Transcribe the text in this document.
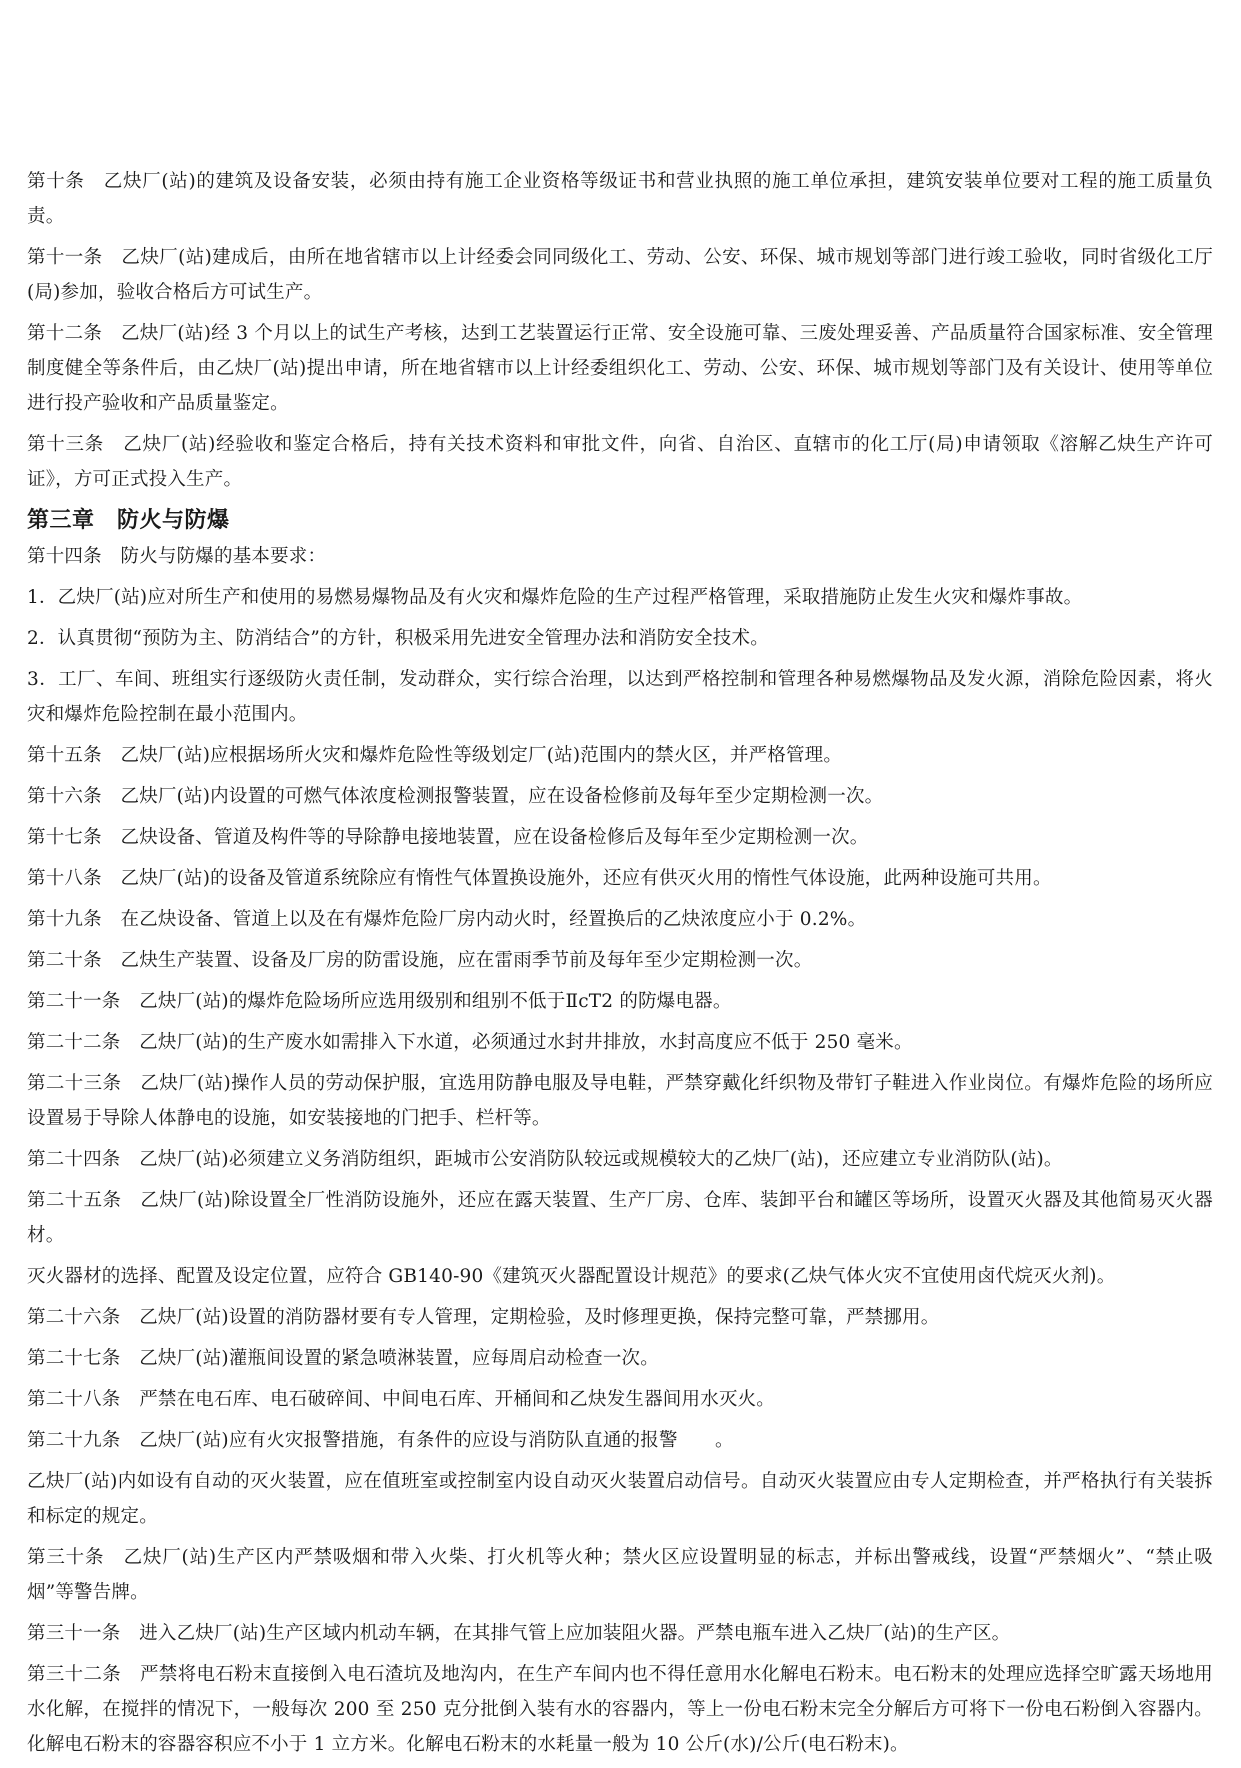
第十条　乙炔厂(站)的建筑及设备安装，必须由持有施工企业资格等级证书和营业执照的施工单位承担，建筑安装单位要对工程的施工质量负责。

第十一条　乙炔厂(站)建成后，由所在地省辖市以上计经委会同同级化工、劳动、公安、环保、城市规划等部门进行竣工验收，同时省级化工厅(局)参加，验收合格后方可试生产。

第十二条　乙炔厂(站)经 3 个月以上的试生产考核，达到工艺装置运行正常、安全设施可靠、三废处理妥善、产品质量符合国家标准、安全管理制度健全等条件后，由乙炔厂(站)提出申请，所在地省辖市以上计经委组织化工、劳动、公安、环保、城市规划等部门及有关设计、使用等单位进行投产验收和产品质量鉴定。

第十三条　乙炔厂(站)经验收和鉴定合格后，持有关技术资料和审批文件，向省、自治区、直辖市的化工厅(局)申请领取《溶解乙炔生产许可证》，方可正式投入生产。

第三章　防火与防爆

第十四条　防火与防爆的基本要求：

1．乙炔厂(站)应对所生产和使用的易燃易爆物品及有火灾和爆炸危险的生产过程严格管理，采取措施防止发生火灾和爆炸事故。

2．认真贯彻“预防为主、防消结合”的方针，积极采用先进安全管理办法和消防安全技术。

3．工厂、车间、班组实行逐级防火责任制，发动群众，实行综合治理，以达到严格控制和管理各种易燃爆物品及发火源，消除危险因素，将火灾和爆炸危险控制在最小范围内。

第十五条　乙炔厂(站)应根据场所火灾和爆炸危险性等级划定厂(站)范围内的禁火区，并严格管理。

第十六条　乙炔厂(站)内设置的可燃气体浓度检测报警装置，应在设备检修前及每年至少定期检测一次。

第十七条　乙炔设备、管道及构件等的导除静电接地装置，应在设备检修后及每年至少定期检测一次。

第十八条　乙炔厂(站)的设备及管道系统除应有惰性气体置换设施外，还应有供灭火用的惰性气体设施，此两种设施可共用。

第十九条　在乙炔设备、管道上以及在有爆炸危险厂房内动火时，经置换后的乙炔浓度应小于 0.2%。

第二十条　乙炔生产装置、设备及厂房的防雷设施，应在雷雨季节前及每年至少定期检测一次。

第二十一条　乙炔厂(站)的爆炸危险场所应选用级别和组别不低于ⅡcT2 的防爆电器。

第二十二条　乙炔厂(站)的生产废水如需排入下水道，必须通过水封井排放，水封高度应不低于 250 毫米。

第二十三条　乙炔厂(站)操作人员的劳动保护服，宜选用防静电服及导电鞋，严禁穿戴化纤织物及带钉子鞋进入作业岗位。有爆炸危险的场所应设置易于导除人体静电的设施，如安装接地的门把手、栏杆等。

第二十四条　乙炔厂(站)必须建立义务消防组织，距城市公安消防队较远或规模较大的乙炔厂(站)，还应建立专业消防队(站)。

第二十五条　乙炔厂(站)除设置全厂性消防设施外，还应在露天装置、生产厂房、仓库、装卸平台和罐区等场所，设置灭火器及其他简易灭火器材。

灭火器材的选择、配置及设定位置，应符合 GB140-90《建筑灭火器配置设计规范》的要求(乙炔气体火灾不宜使用卤代烷灭火剂)。

第二十六条　乙炔厂(站)设置的消防器材要有专人管理，定期检验，及时修理更换，保持完整可靠，严禁挪用。

第二十七条　乙炔厂(站)灌瓶间设置的紧急喷淋装置，应每周启动检查一次。

第二十八条　严禁在电石库、电石破碎间、中间电石库、开桶间和乙炔发生器间用水灭火。

第二十九条　乙炔厂(站)应有火灾报警措施，有条件的应设与消防队直通的报警　　。

乙炔厂(站)内如设有自动的灭火装置，应在值班室或控制室内设自动灭火装置启动信号。自动灭火装置应由专人定期检查，并严格执行有关装拆和标定的规定。

第三十条　乙炔厂(站)生产区内严禁吸烟和带入火柴、打火机等火种；禁火区应设置明显的标志，并标出警戒线，设置“严禁烟火”、“禁止吸烟”等警告牌。

第三十一条　进入乙炔厂(站)生产区域内机动车辆，在其排气管上应加装阻火器。严禁电瓶车进入乙炔厂(站)的生产区。

第三十二条　严禁将电石粉末直接倒入电石渣坑及地沟内，在生产车间内也不得任意用水化解电石粉末。电石粉末的处理应选择空旷露天场地用水化解，在搅拌的情况下，一般每次 200 至 250 克分批倒入装有水的容器内，等上一份电石粉末完全分解后方可将下一份电石粉倒入容器内。化解电石粉末的容器容积应不小于 1 立方米。化解电石粉末的水耗量一般为 10 公斤(水)/公斤(电石粉末)。
